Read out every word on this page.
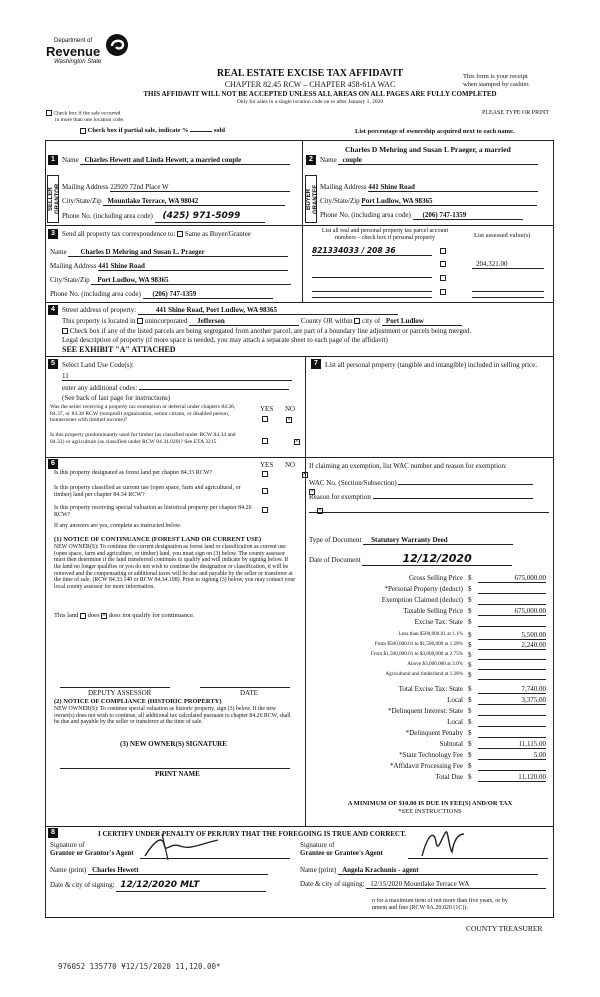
Department of
Revenue
Washington State
REAL ESTATE EXCISE TAX AFFIDAVIT
CHAPTER 82.45 RCW – CHAPTER 458-61A WAC
THIS AFFIDAVIT WILL NOT BE ACCEPTED UNLESS ALL AREAS ON ALL PAGES ARE FULLY COMPLETED
Only for sales in a single location code on or after January 1, 2020
This form is your receipt
when stamped by cashier.
PLEASE TYPE OR PRINT
Check box if the sale occurred
in more than one location code.
Check box if partial sale, indicate %	sold	List percentage of ownership acquired next to each name.
1
SELLER GRANTOR
Name Charles Hewett and Linda Hewett, a married couple
Mailing Address 22920 72nd Place W
City/State/Zip Mountlake Terrace, WA 98042
Phone No. (including area code) (425) 971-5099
2
BUYER GRANTEE
Charles D Mehring and Susan L Praeger, a married
Name couple
Mailing Address 441 Shine Road
City/State/Zip Port Ludlow, WA 98365
Phone No. (including area code) (206) 747-1359
3	Send all property tax correspondence to: Same as Buyer/Grantee
Name Charles D Mehring and Susan L. Praeger
Mailing Address 441 Shine Road
City/State/Zip Port Ludlow, WA 98365
Phone No. (including area code) (206) 747-1359
List all real and personal property tax parcel account
numbers – check box if personal property	List assessed value(s)
821334033 / 208 36
204,321.00
4	Street address of property:	441 Shine Road, Port Ludlow, WA 98365
This property is located in unincorporated Jefferson	County OR within city of Port Ludlow
Check box if any of the listed parcels are being segregated from another parcel, are part of a boundary line adjustment or parcels being merged.
Legal description of property (if more space is needed, you may attach a separate sheet to each page of the affidavit)
SEE EXHIBIT "A" ATTACHED
5	Select Land Use Code(s):
11
enter any additional codes:
(See back of last page for instructions)
YES NO
Was the seller receiving a property tax exemption or deferral under chapters 84.36, 84.37, or 84.38 RCW (nonprofit organization, senior citizen, or disabled person, homeowner with limited income)?
×
Is this property predominantly used for timber (as classified under RCW 84.34 and 84.33) or agriculture (as classified under RCW 84.34.020)? See ETA 3215
×
6	YES NO
Is this property designated as forest land per chapter 84.33 RCW?
×
Is this property classified as current use (open space, farm and agricultural, or timber) land per chapter 84.34 RCW?
×
Is this property receiving special valuation as historical property per chapter 84.26 RCW?
×
If any answers are yes, complete as instructed below.
(1) NOTICE OF CONTINUANCE (FOREST LAND OR CURRENT USE)
NEW OWNER(S): To continue the current designation as forest land or classification as current use (open space, farm and agriculture, or timber) land, you must sign on (3) below. The county assessor must then determine if the land transferred continues to qualify and will indicate by signing below. If the land no longer qualifies or you do not wish to continue the designation or classification, it will be removed and the compensating or additional taxes will be due and payable by the seller or transferor at the time of sale. (RCW 84.33.140 or RCW 84.34.108). Prior to signing (3) below, you may contact your local county assessor for more information.
This land does × does not qualify for continuance.
DEPUTY ASSESSOR	DATE
(2) NOTICE OF COMPLIANCE (HISTORIC PROPERTY)
NEW OWNER(S): To continue special valuation as historic property, sign (3) below. If the new owner(s) does not wish to continue, all additional tax calculated pursuant to chapter 84.26 RCW, shall be due and payable by the seller or transferor at the time of sale.
(3) NEW OWNER(S) SIGNATURE
PRINT NAME
7	List all personal property (tangible and intangible) included in selling price.
If claiming an exemption, list WAC number and reason for exemption:
WAC No. (Section/Subsection)
Reason for exemption
Type of Document Statutory Warranty Deed
Date of Document	12/12/2020
Gross Selling Price $	675,000.00
*Personal Property (deduct) $
Exemption Claimed (deduct) $
Taxable Selling Price $	675,000.00
Excise Tax: State $
Less than $500,000.01 at 1.1% $	5,500.00
From $500,000.01 to $1,500,000 at 1.28% $	2,240.00
From $1,500,000.01 to $3,000,000 at 2.75% $
Above $3,000,000 at 3.0% $
Agricultural and timberland at 1.28% $
Total Excise Tax: State $	7,740.00
Local $	3,375.00
*Delinquent Interest: State $
Local $
*Delinquent Penalty $
Subtotal $	11,115.00
*State Technology Fee $	5.00
*Affidavit Processing Fee $
Total Due $	11,120.00
A MINIMUM OF $10.00 IS DUE IN FEE(S) AND/OR TAX
*SEE INSTRUCTIONS
8	I CERTIFY UNDER PENALTY OF PERJURY THAT THE FOREGOING IS TRUE AND CORRECT.
Signature of
Grantor or Grantor's Agent
Signature of
Grantee or Grantee's Agent
Name (print) Charles Hewett	Name (print) Angela Krachunis - agent
Date & city of signing: 12/12/2020 MLT	Date & city of signing: 12/15/2020 Mountlake Terrace WA
n for a maximum term of not more than five years, or by
nment and fine (RCW 9A.20.020 (1C)).
COUNTY TREASURER
976052 135770 ¥12/15/2020 11,120.00*
